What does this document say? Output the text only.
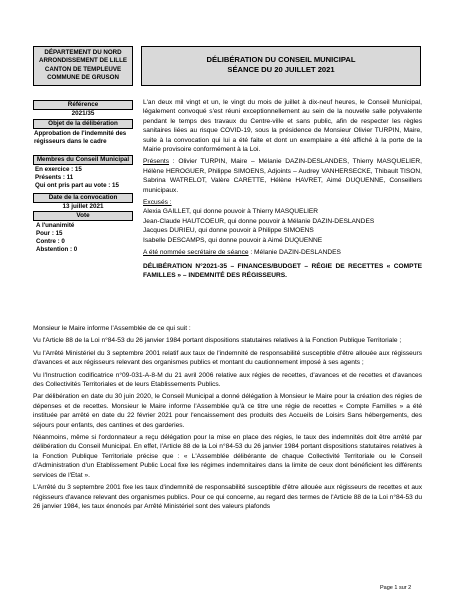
DÉPARTEMENT DU NORD
ARRONDISSEMENT DE LILLE
CANTON DE TEMPLEUVE
COMMUNE DE GRUSON
DÉLIBÉRATION DU CONSEIL MUNICIPAL
SÉANCE DU 20 JUILLET 2021
Référence
2021/35
Objet de la délibération
Approbation de l'indemnité des régisseurs dans le cadre
Membres du Conseil Municipal
En exercice : 15
Présents : 11
Qui ont pris part au vote : 15
Date de la convocation
13 juillet 2021
Vote
A l'unanimité
Pour : 15
Contre : 0
Abstention : 0

L'an deux mil vingt et un, le vingt du mois de juillet à dix-neuf heures, le Conseil Municipal, légalement convoqué s'est réuni exceptionnellement au sein de la nouvelle salle polyvalente pendant le temps des travaux du Centre-ville et sans public, afin de respecter les règles sanitaires liées au risque COVID-19, sous la présidence de Monsieur Olivier TURPIN, Maire, suite à la convocation qui lui a été faite et dont un exemplaire a été affiché à la porte de la Mairie provisoire conformément à la Loi.

Présents : Olivier TURPIN, Maire – Mélanie DAZIN-DESLANDES, Thierry MASQUELIER, Hélène HEROGUER, Philippe SIMOENS, Adjoints – Audrey VANHERSECKE, Thibault TISON, Sabrina WATRELOT, Valère CARETTE, Hélène HAVRET, Aimé DUQUENNE, Conseillers municipaux.

Excusés :
Alexia GAILLET, qui donne pouvoir à Thierry MASQUELIER
Jean-Claude HAUTCOEUR, qui donne pouvoir à Mélanie DAZIN-DESLANDES
Jacques DURIEU, qui donne pouvoir à Philippe SIMOENS
Isabelle DESCAMPS, qui donne pouvoir à Aimé DUQUENNE
A été nommée secrétaire de séance : Mélanie DAZIN-DESLANDES
DÉLIBÉRATION N°2021-35 – FINANCES/BUDGET – RÉGIE DE RECETTES « COMPTE FAMILLES » – INDEMNITÉ DES RÉGISSEURS.

Monsieur le Maire informe l'Assemblée de ce qui suit :

Vu l'Article 88 de la Loi n°84-53 du 26 janvier 1984 portant dispositions statutaires relatives à la Fonction Publique Territoriale ;

Vu l'Arrêté Ministériel du 3 septembre 2001 relatif aux taux de l'indemnité de responsabilité susceptible d'être allouée aux régisseurs d'avances et aux régisseurs relevant des organismes publics et montant du cautionnement imposé à ses agents ;

Vu l'Instruction codificatrice n°09-031-A-8-M du 21 avril 2006 relative aux régies de recettes, d'avances et de recettes et d'avances des Collectivités Territoriales et de leurs Etablissements Publics.

Par délibération en date du 30 juin 2020, le Conseil Municipal a donné délégation à Monsieur le Maire pour la création des régies de dépenses et de recettes. Monsieur le Maire informe l'Assemblée qu'à ce titre une régie de recettes « Compte Familles » a été instituée par arrêté en date du 22 février 2021 pour l'encaissement des produits des Accueils de Loisirs Sans hébergements, des séjours pour enfants, des cantines et des garderies.

Néanmoins, même si l'ordonnateur a reçu délégation pour la mise en place des régies, le taux des indemnités doit être arrêté par délibération du Conseil Municipal. En effet, l'Article 88 de la Loi n°84-53 du 26 janvier 1984 portant dispositions statutaires relatives à la Fonction Publique Territoriale précise que : « L'Assemblée délibérante de chaque Collectivité Territoriale ou le Conseil d'Administration d'un Etablissement Public Local fixe les régimes indemnitaires dans la limite de ceux dont bénéficient les différents services de l'Etat ».

L'Arrêté du 3 septembre 2001 fixe les taux d'indemnité de responsabilité susceptible d'être allouée aux régisseurs de recettes et aux régisseurs d'avance relevant des organismes publics. Pour ce qui concerne, au regard des termes de l'Article 88 de la Loi n°84-53 du 26 janvier 1984, les taux énoncés par Arrêté Ministériel sont des valeurs plafonds

Page 1 sur 2
